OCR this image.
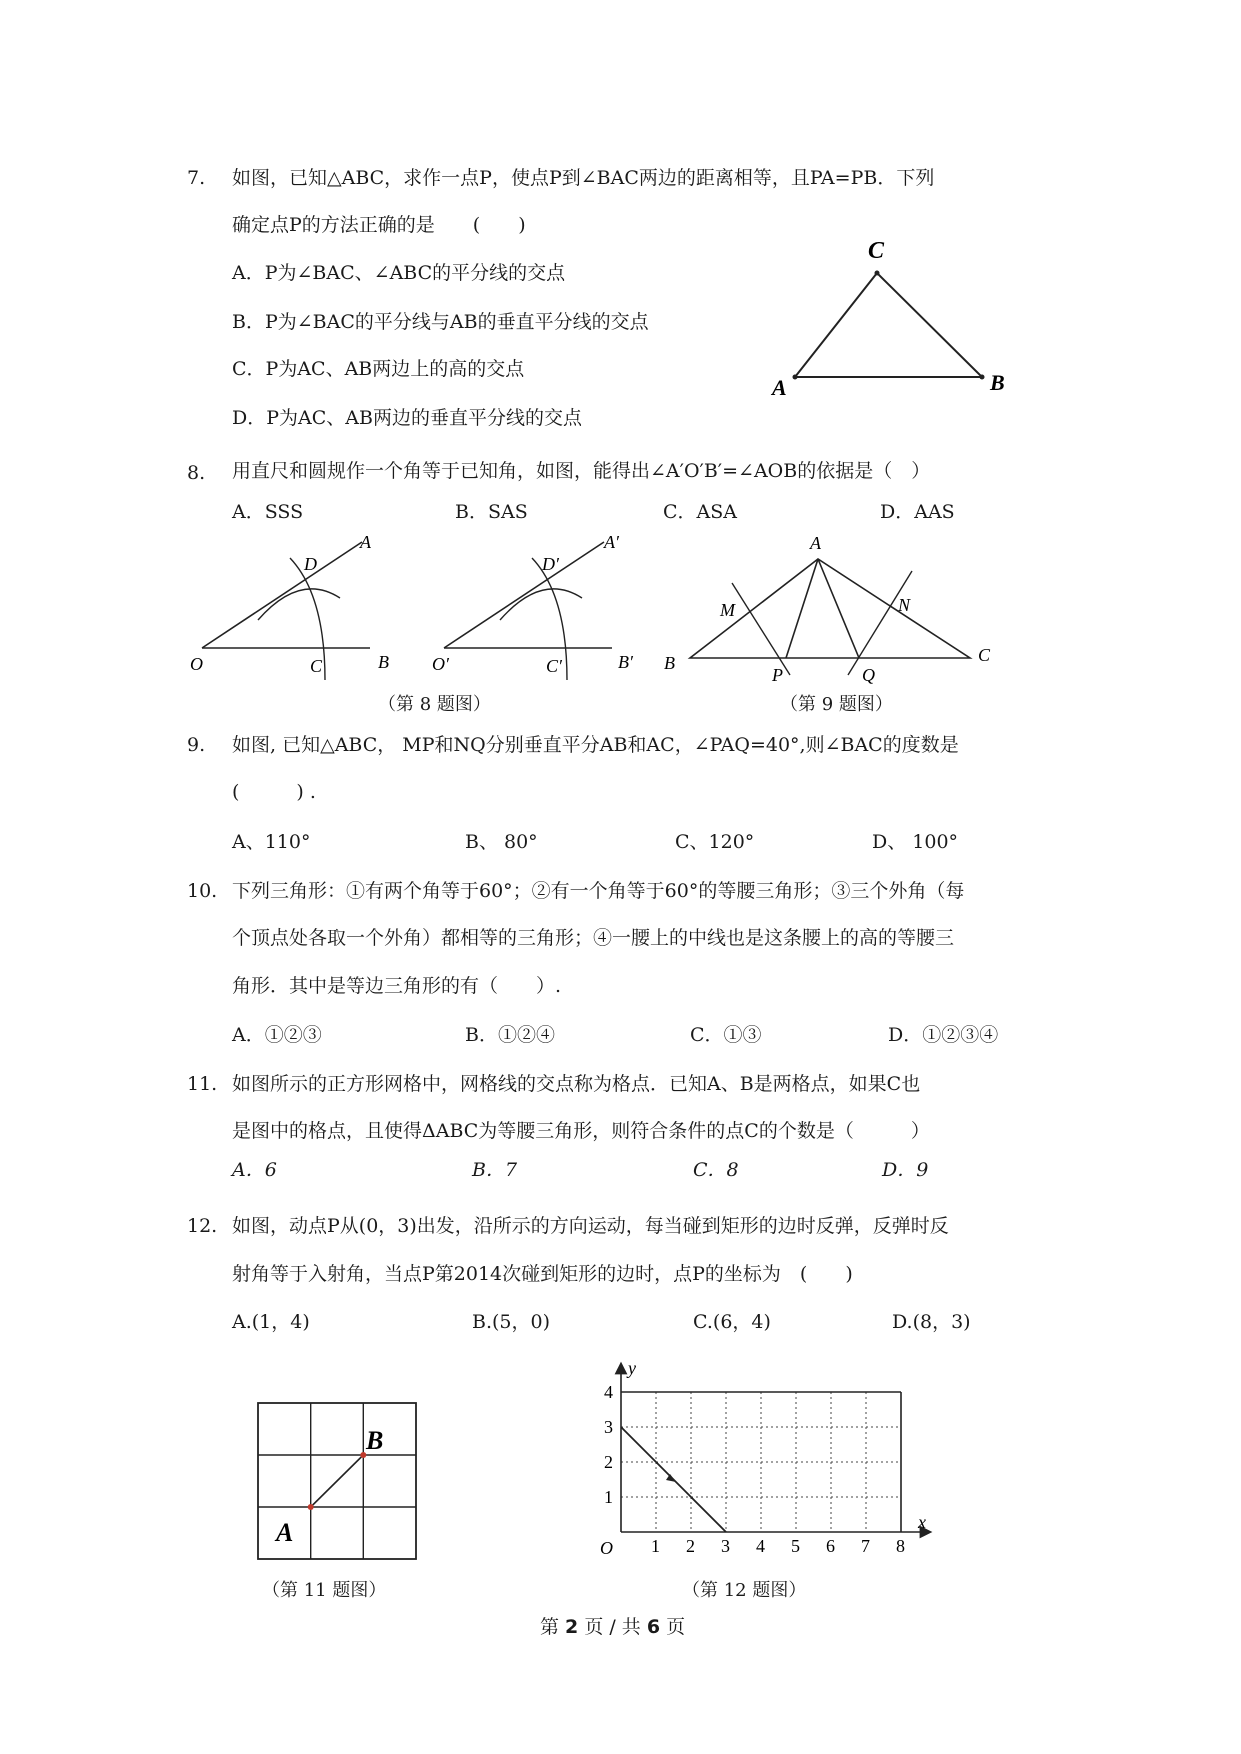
7. 如图，已知△ABC，求作一点P，使点P到∠BAC两边的距离相等，且PA=PB．下列
确定点P的方法正确的是　　(　　)
A．P为∠BAC、∠ABC的平分线的交点
B．P为∠BAC的平分线与AB的垂直平分线的交点
C．P为AC、AB两边上的高的交点
D．P为AC、AB两边的垂直平分线的交点
C
A	B
8. 用直尺和圆规作一个角等于已知角，如图，能得出∠A′O′B′=∠AOB的依据是（　）
A．SSS	B．SAS	C．ASA	D．AAS
O
A
B
C
D
O′
A′
B′
C′
D′
（第 8 题图）
A
B	C
M	N
P	Q
（第 9 题图）
9. 如图, 已知△ABC， MP和NQ分别垂直平分AB和AC，∠PAQ=40°,则∠BAC的度数是
(　　　) .
A、110°	B、 80°	C、120°	D、 100°
10. 下列三角形：①有两个角等于60°；②有一个角等于60°的等腰三角形；③三个外角（每
个顶点处各取一个外角）都相等的三角形；④一腰上的中线也是这条腰上的高的等腰三
角形．其中是等边三角形的有（　　）.
A．①②③	B．①②④	C．①③	D．①②③④
11. 如图所示的正方形网格中，网格线的交点称为格点．已知A、B是两格点，如果C也
是图中的格点，且使得ΔABC为等腰三角形，则符合条件的点C的个数是（　　　）
A．6	B．7	C．8	D．9
12. 如图，动点P从(0，3)出发，沿所示的方向运动，每当碰到矩形的边时反弹，反弹时反
射角等于入射角，当点P第2014次碰到矩形的边时，点P的坐标为　(　　)
A.(1，4)	B.(5，0)	C.(6，4)	D.(8，3)
B
A
（第 11 题图）
y
x
O 1 2 3 4 5 6 7 8
1
2
3
4
（第 12 题图）
第 2 页 / 共 6 页
